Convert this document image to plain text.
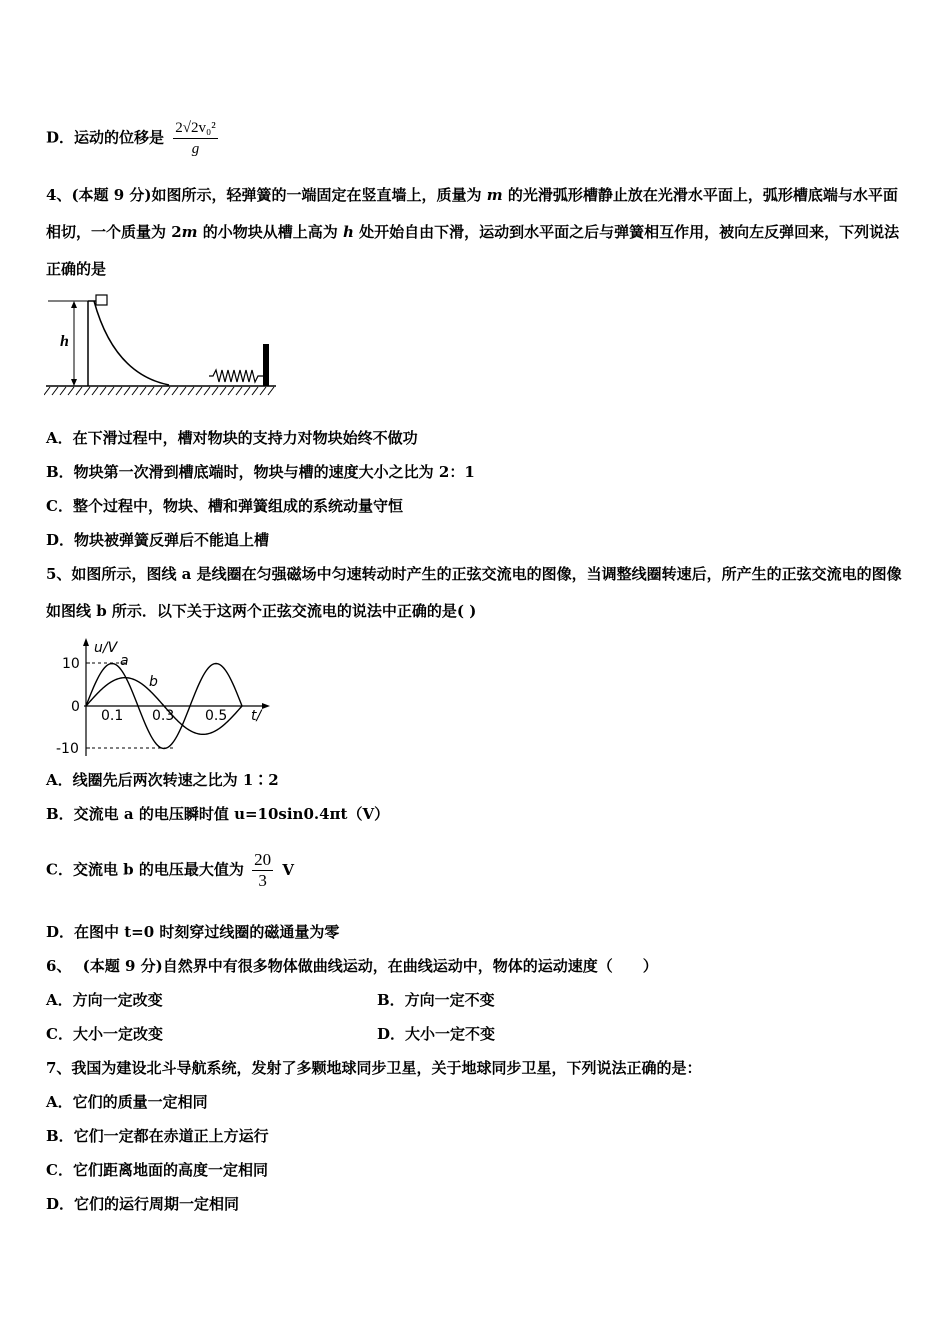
D．运动的位移是 $\frac{\text{2√2v₀²}}{g}$
4、(本题 9 分)如图所示，轻弹簧的一端固定在竖直墙上，质量为 m 的光滑弧形槽静止放在光滑水平面上，弧形槽底端与水平面相切，一个质量为 2m 的小物块从槽上高为 h 处开始自由下滑，运动到水平面之后与弹簧相互作用，被向左反弹回来，下列说法正确的是
h
A．在下滑过程中，槽对物块的支持力对物块始终不做功
B．物块第一次滑到槽底端时，物块与槽的速度大小之比为 2：1
C．整个过程中，物块、槽和弹簧组成的系统动量守恒
D．物块被弹簧反弹后不能追上槽
5、如图所示，图线 a 是线圈在匀强磁场中匀速转动时产生的正弦交流电的图像，当调整线圈转速后，所产生的正弦交流电的图像如图线 b 所示．以下关于这两个正弦交流电的说法中正确的是( )
u/V
t/
10
0
-10
0.1 0.3 0.5
a
b
A．线圈先后两次转速之比为 1∶2
B．交流电 a 的电压瞬时值 u=10sin0.4πt（V）
C．交流电 b 的电压最大值为 $\frac{20}{3}$ V
D．在图中 t=0 时刻穿过线圈的磁通量为零
6、 (本题 9 分)自然界中有很多物体做曲线运动，在曲线运动中，物体的运动速度（　　）
A．方向一定改变	B．方向一定不变
C．大小一定改变	D．大小一定不变
7、我国为建设北斗导航系统，发射了多颗地球同步卫星，关于地球同步卫星，下列说法正确的是：
A．它们的质量一定相同
B．它们一定都在赤道正上方运行
C．它们距离地面的高度一定相同
D．它们的运行周期一定相同
